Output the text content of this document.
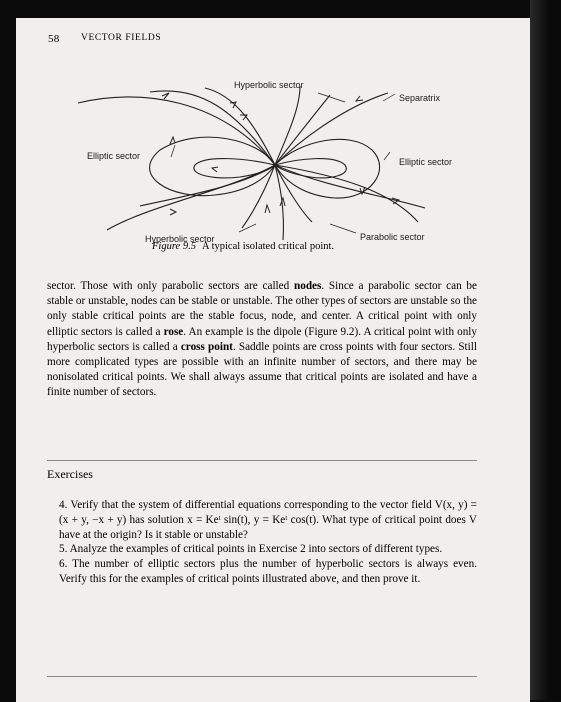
58 VECTOR FIELDS
Hyperbolic sector
Separatrix
Elliptic sector
Elliptic sector
Hyperbolic sector	Parabolic sector
Figure 9.5 A typical isolated critical point.

sector. Those with only parabolic sectors are called nodes. Since a parabolic sector can be stable or unstable, nodes can be stable or unstable. The other types of sectors are unstable so the only stable critical points are the stable focus, node, and center. A critical point with only elliptic sectors is called a rose. An example is the dipole (Figure 9.2). A critical point with only hyperbolic sectors is called a cross point. Saddle points are cross points with four sectors. Still more complicated types are possible with an infinite number of sectors, and there may be nonisolated critical points. We shall always assume that critical points are isolated and have a finite number of sectors.

Exercises

4. Verify that the system of differential equations corresponding to the vector field V(x, y) = (x + y, −x + y) has solution x = Keᵗ sin(t), y = Keᵗ cos(t). What type of critical point does V have at the origin? Is it stable or unstable?

5. Analyze the examples of critical points in Exercise 2 into sectors of different types.

6. The number of elliptic sectors plus the number of hyperbolic sectors is always even. Verify this for the examples of critical points illustrated above, and then prove it.
